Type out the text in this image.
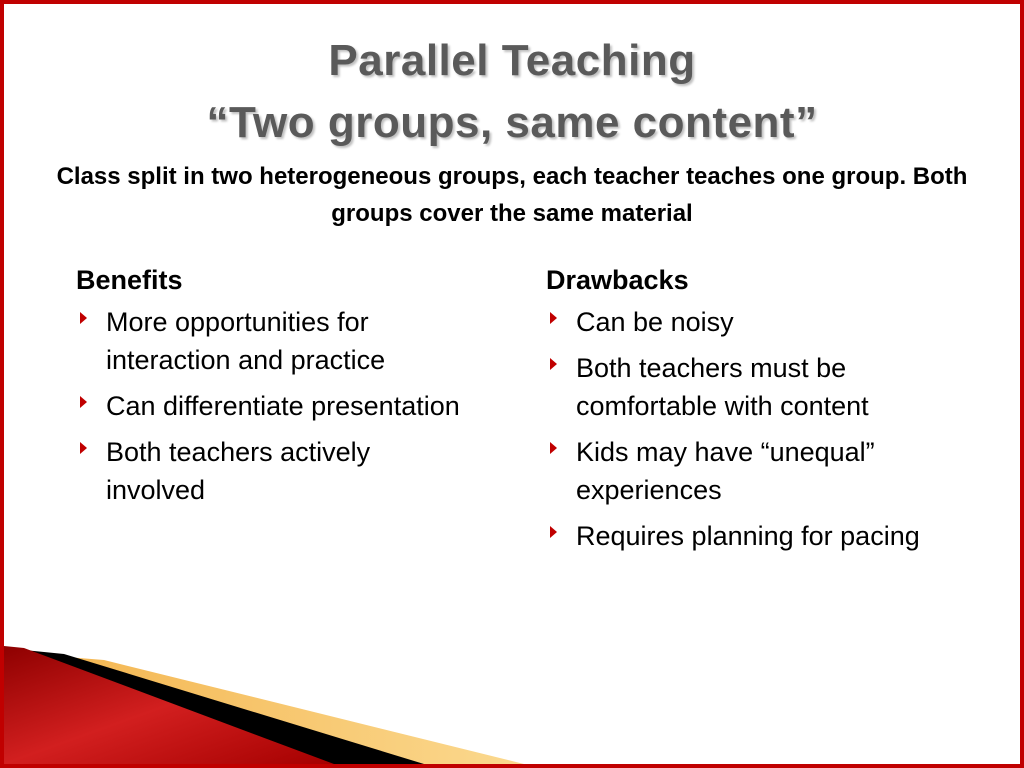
Parallel Teaching
“Two groups, same content”
Class split in two heterogeneous groups, each teacher teaches one group. Both groups cover the same material
Benefits
More opportunities for interaction and practice
Can differentiate presentation
Both teachers actively involved
Drawbacks
Can be noisy
Both teachers must be comfortable with content
Kids may have “unequal” experiences
Requires planning for pacing
